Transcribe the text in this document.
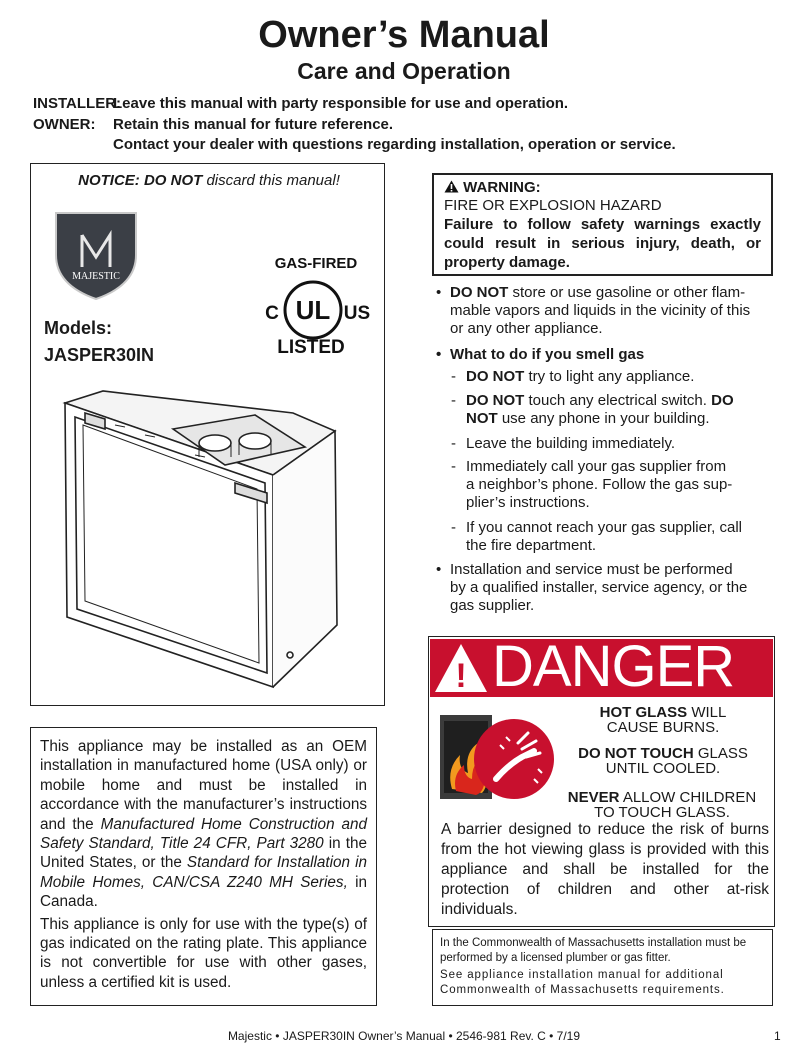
Owner’s Manual
Care and Operation
INSTALLER:Leave this manual with party responsible for use and operation.
OWNER: Retain this manual for future reference.
Contact your dealer with questions regarding installation, operation or service.
NOTICE: DO NOT discard this manual!
MAJESTIC
GAS-FIRED
UL
C	US
LISTED
Models:
JASPER30IN
WARNING:
FIRE OR EXPLOSION HAZARD
Failure to follow safety warnings exactly could result in serious injury, death, or property damage.
• DO NOT store or use gasoline or other flam-
mable vapors and liquids in the vicinity of this
or any other appliance.
• What to do if you smell gas
- DO NOT try to light any appliance.
- DO NOT touch any electrical switch. DO
NOT use any phone in your building.
- Leave the building immediately.
- Immediately call your gas supplier from
a neighbor’s phone. Follow the gas sup-
plier’s instructions.
- If you cannot reach your gas supplier, call
the fire department.
• Installation and service must be performed
by a qualified installer, service agency, or the
gas supplier.
! DANGER
HOT GLASS WILL
CAUSE BURNS.
DO NOT TOUCH GLASS
UNTIL COOLED.
NEVER ALLOW CHILDREN
TO TOUCH GLASS.
A barrier designed to reduce the risk of burns from the hot viewing glass is provided with this appliance and shall be installed for the protection of children and other at-risk individuals.
In the Commonwealth of Massachusetts installation must be performed by a licensed plumber or gas fitter.
See appliance installation manual for additional Commonwealth of Massachusetts requirements.
This appliance may be installed as an OEM installation in manufactured home (USA only) or mobile home and must be installed in accordance with the manufacturer’s instructions and the Manufactured Home Construction and Safety Standard, Title 24 CFR, Part 3280 in the United States, or the Standard for Installation in Mobile Homes, CAN/CSA Z240 MH Series, in Canada.
This appliance is only for use with the type(s) of gas indicated on the rating plate. This appliance is not convertible for use with other gases, unless a certified kit is used.
Majestic • JASPER30IN Owner’s Manual • 2546-981 Rev. C • 7/19	1
